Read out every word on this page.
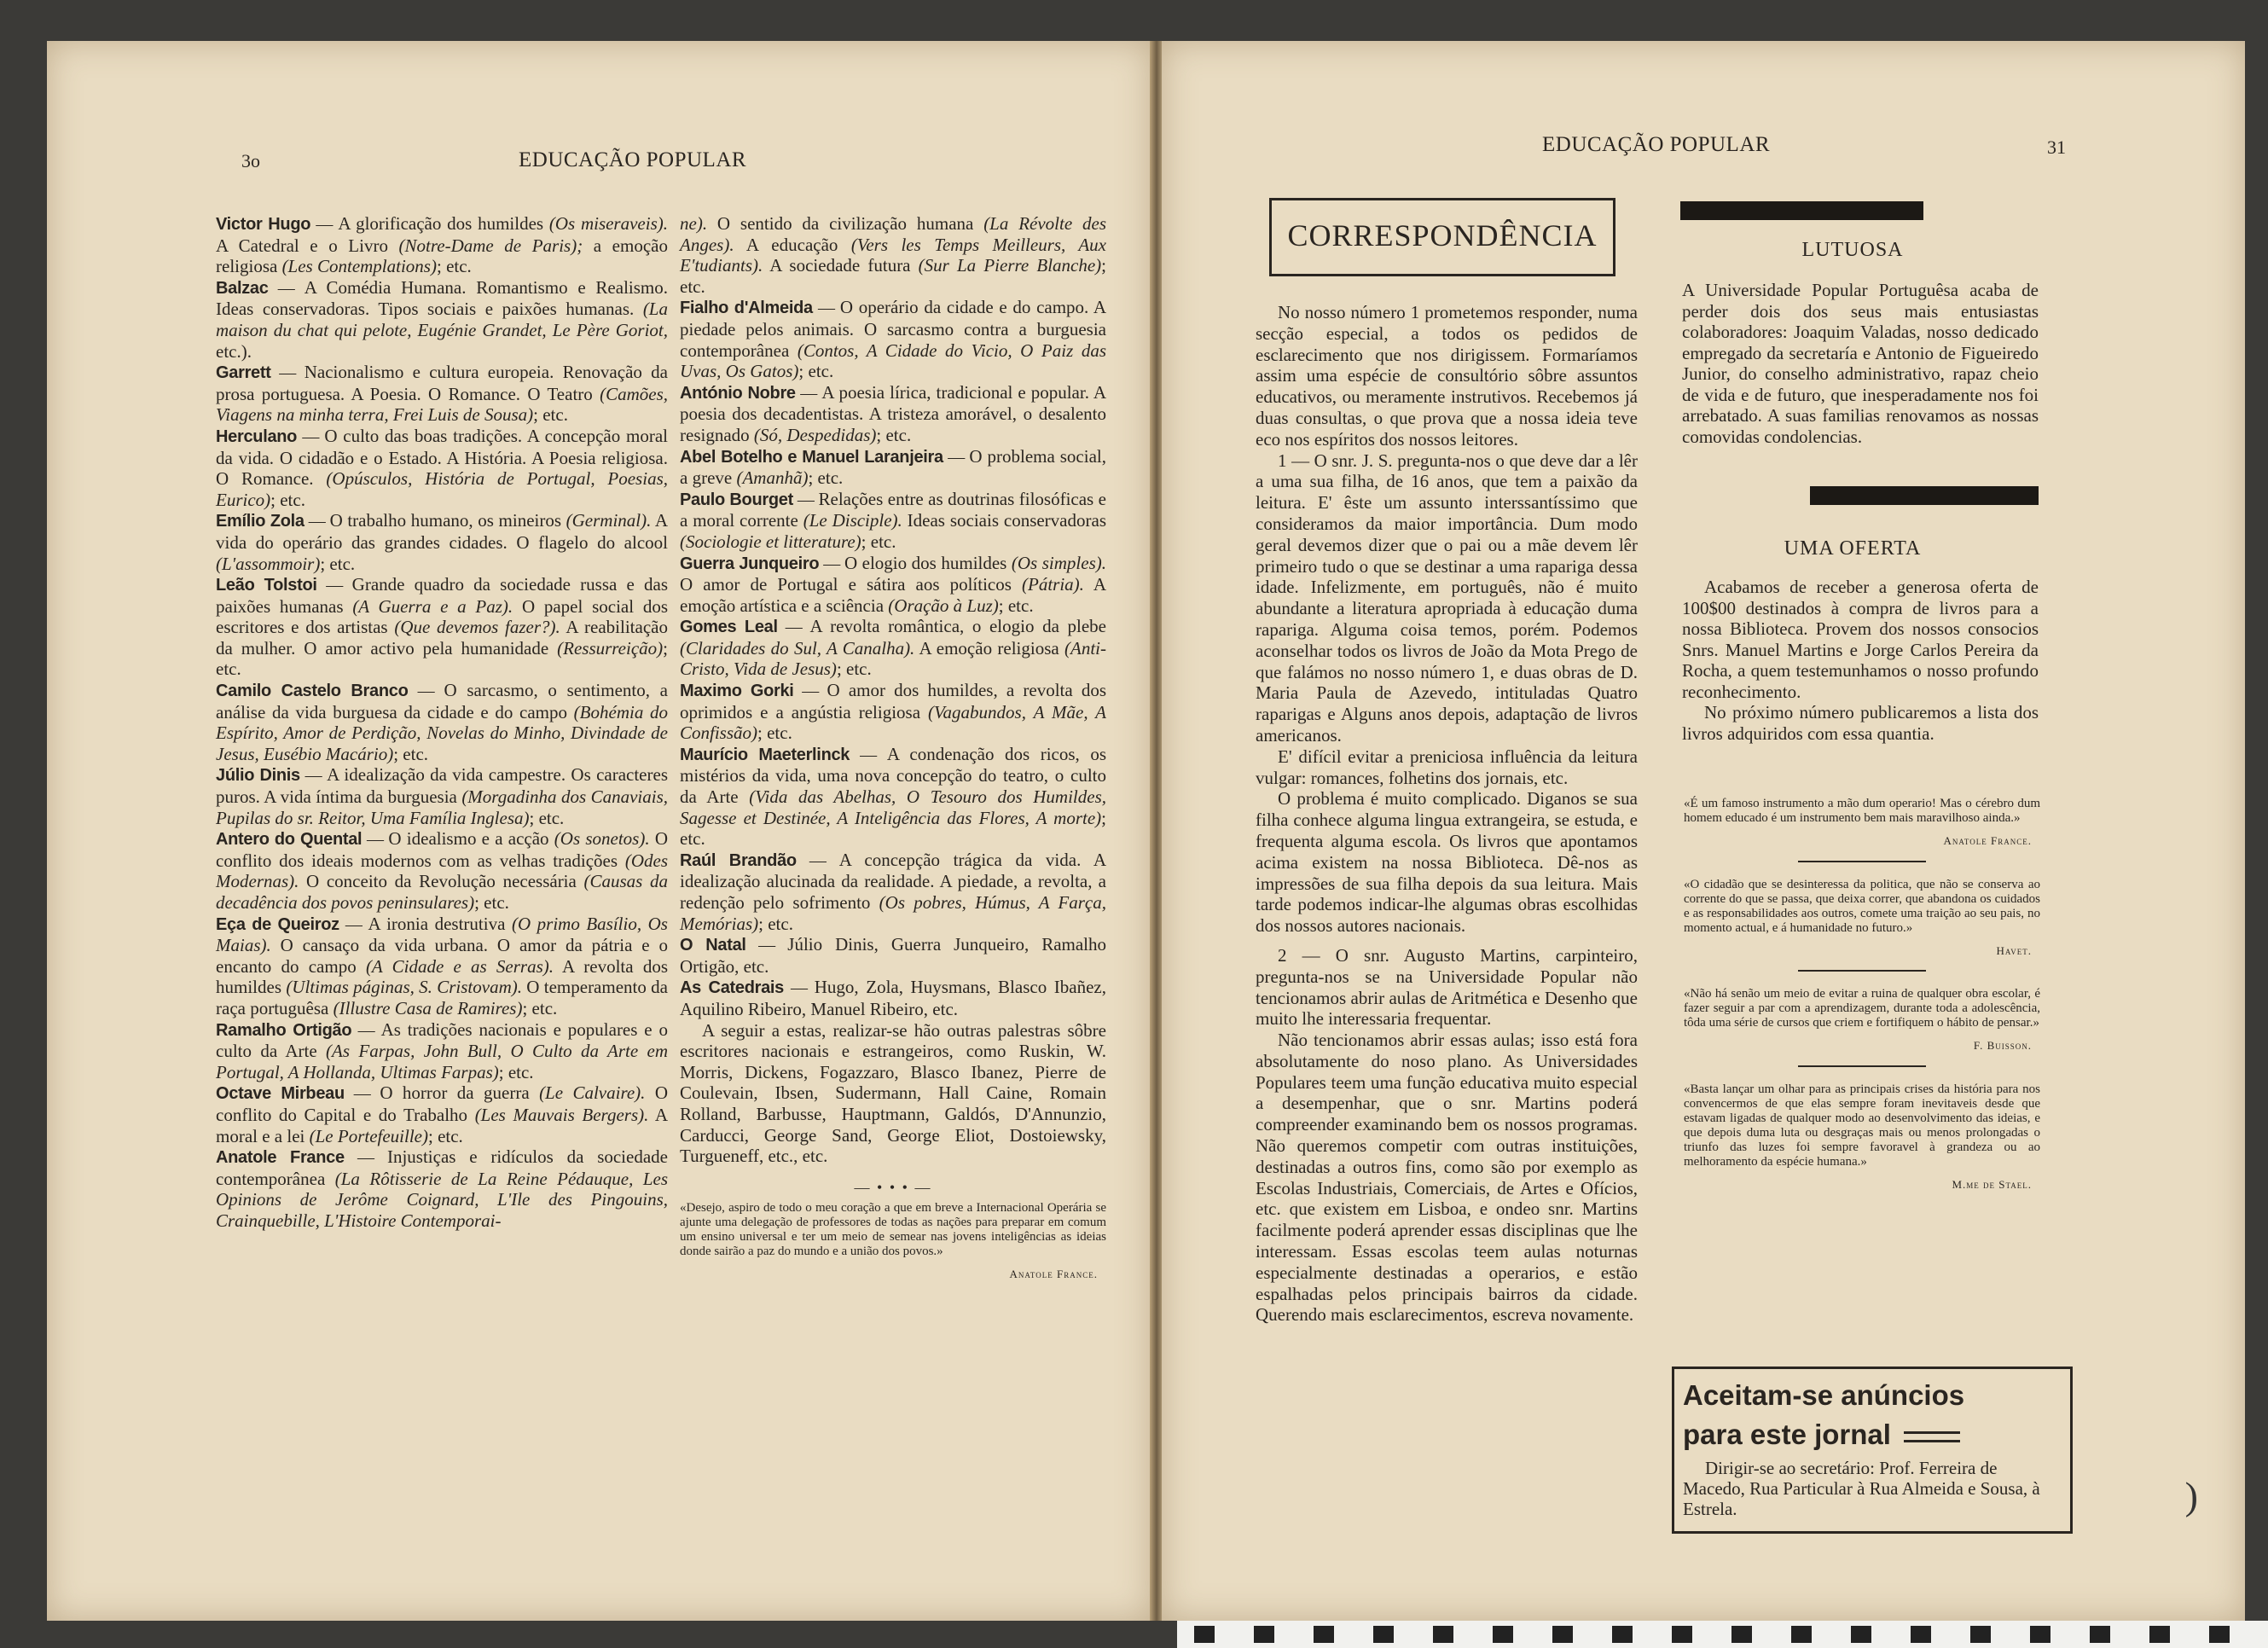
3o	EDUCAÇÃO POPULAR

Victor Hugo — A glorificação dos humildes (Os miseraveis). A Catedral e o Livro (Notre-Dame de Paris); a emoção religiosa (Les Contemplations); etc.

Balzac — A Comédia Humana. Romantismo e Realismo. Ideas conservadoras. Tipos sociais e paixões humanas. (La maison du chat qui pelote, Eugénie Grandet, Le Père Goriot, etc.).

Garrett — Nacionalismo e cultura europeia. Renovação da prosa portuguesa. A Poesia. O Romance. O Teatro (Camões, Viagens na minha terra, Frei Luis de Sousa); etc.

Herculano — O culto das boas tradições. A concepção moral da vida. O cidadão e o Estado. A História. A Poesia religiosa. O Romance. (Opúsculos, História de Portugal, Poesias, Eurico); etc.

Emílio Zola — O trabalho humano, os mineiros (Germinal). A vida do operário das grandes cidades. O flagelo do alcool (L'assommoir); etc.

Leão Tolstoi — Grande quadro da sociedade russa e das paixões humanas (A Guerra e a Paz). O papel social dos escritores e dos artistas (Que devemos fazer?). A reabilitação da mulher. O amor activo pela humanidade (Ressurreição); etc.

Camilo Castelo Branco — O sarcasmo, o sentimento, a análise da vida burguesa da cidade e do campo (Bohémia do Espírito, Amor de Perdição, Novelas do Minho, Divindade de Jesus, Eusébio Macário); etc.

Júlio Dinis — A idealização da vida campestre. Os caracteres puros. A vida íntima da burguesia (Morgadinha dos Canaviais, Pupilas do sr. Reitor, Uma Família Inglesa); etc.

Antero do Quental — O idealismo e a acção (Os sonetos). O conflito dos ideais modernos com as velhas tradições (Odes Modernas). O conceito da Revolução necessária (Causas da decadência dos povos peninsulares); etc.

Eça de Queiroz — A ironia destrutiva (O primo Basílio, Os Maias). O cansaço da vida urbana. O amor da pátria e o encanto do campo (A Cidade e as Serras). A revolta dos humildes (Ultimas páginas, S. Cristovam). O temperamento da raça portuguêsa (Illustre Casa de Ramires); etc.

Ramalho Ortigão — As tradições nacionais e populares e o culto da Arte (As Farpas, John Bull, O Culto da Arte em Portugal, A Hollanda, Ultimas Farpas); etc.

Octave Mirbeau — O horror da guerra (Le Calvaire). O conflito do Capital e do Trabalho (Les Mauvais Bergers). A moral e a lei (Le Portefeuille); etc.

Anatole France — Injustiças e ridículos da sociedade contemporânea (La Rôtisserie de La Reine Pédauque, Les Opinions de Jerôme Coignard, L'Ile des Pingouins, Crainquebille, L'Histoire Contemporai-

ne). O sentido da civilização humana (La Révolte des Anges). A educação (Vers les Temps Meilleurs, Aux E'tudiants). A sociedade futura (Sur La Pierre Blanche); etc.

Fialho d'Almeida — O operário da cidade e do campo. A piedade pelos animais. O sarcasmo contra a burguesia contemporânea (Contos, A Cidade do Vicio, O Paiz das Uvas, Os Gatos); etc.

António Nobre — A poesia lírica, tradicional e popular. A poesia dos decadentistas. A tristeza amorável, o desalento resignado (Só, Despedidas); etc.

Abel Botelho e Manuel Laranjeira — O problema social, a greve (Amanhã); etc.

Paulo Bourget — Relações entre as doutrinas filosóficas e a moral corrente (Le Disciple). Ideas sociais conservadoras (Sociologie et litterature); etc.

Guerra Junqueiro — O elogio dos humildes (Os simples). O amor de Portugal e sátira aos políticos (Pátria). A emoção artística e a sciência (Oração à Luz); etc.

Gomes Leal — A revolta romântica, o elogio da plebe (Claridades do Sul, A Canalha). A emoção religiosa (Anti-Cristo, Vida de Jesus); etc.

Maximo Gorki — O amor dos humildes, a revolta dos oprimidos e a angústia religiosa (Vagabundos, A Mãe, A Confissão); etc.

Maurício Maeterlinck — A condenação dos ricos, os mistérios da vida, uma nova concepção do teatro, o culto da Arte (Vida das Abelhas, O Tesouro dos Humildes, Sagesse et Destinée, A Inteligência das Flores, A morte); etc.

Raúl Brandão — A concepção trágica da vida. A idealização alucinada da realidade. A piedade, a revolta, a redenção pelo sofrimento (Os pobres, Húmus, A Farça, Memórias); etc.

O Natal — Júlio Dinis, Guerra Junqueiro, Ramalho Ortigão, etc.

As Catedrais — Hugo, Zola, Huysmans, Blasco Ibañez, Aquilino Ribeiro, Manuel Ribeiro, etc.

A seguir a estas, realizar-se hão outras palestras sôbre escritores nacionais e estrangeiros, como Ruskin, W. Morris, Dickens, Fogazzaro, Blasco Ibanez, Pierre de Coulevain, Ibsen, Sudermann, Hall Caine, Romain Rolland, Barbusse, Hauptmann, Galdós, D'Annunzio, Carducci, George Sand, George Eliot, Dostoiewsky, Turgueneff, etc., etc.

— • • • —
«Desejo, aspiro de todo o meu coração a que em breve a Internacional Operária se ajunte uma delegação de professores de todas as nações para preparar em comum um ensino universal e ter um meio de semear nas jovens inteligências as ideias donde sairão a paz do mundo e a união dos povos.»
Anatole France.
EDUCAÇÃO POPULAR	31
CORRESPONDÊNCIA

No nosso número 1 prometemos responder, numa secção especial, a todos os pedidos de esclarecimento que nos dirigissem. Formaríamos assim uma espécie de consultório sôbre assuntos educativos, ou meramente instrutivos. Recebemos já duas consultas, o que prova que a nossa ideia teve eco nos espíritos dos nossos leitores.

1 — O snr. J. S. pregunta-nos o que deve dar a lêr a uma sua filha, de 16 anos, que tem a paixão da leitura. E' êste um assunto interssantíssimo que consideramos da maior importância. Dum modo geral devemos dizer que o pai ou a mãe devem lêr primeiro tudo o que se destinar a uma rapariga dessa idade. Infelizmente, em português, não é muito abundante a literatura apropriada à educação duma rapariga. Alguma coisa temos, porém. Podemos aconselhar todos os livros de João da Mota Prego de que falámos no nosso número 1, e duas obras de D. Maria Paula de Azevedo, intituladas Quatro raparigas e Alguns anos depois, adaptação de livros americanos.

E' difícil evitar a preniciosa influência da leitura vulgar: romances, folhetins dos jornais, etc.

O problema é muito complicado. Diganos se sua filha conhece alguma lingua extrangeira, se estuda, e frequenta alguma escola. Os livros que apontamos acima existem na nossa Biblioteca. Dê-nos as impressões de sua filha depois da sua leitura. Mais tarde podemos indicar-lhe algumas obras escolhidas dos nossos autores nacionais.

2 — O snr. Augusto Martins, carpinteiro, pregunta-nos se na Universidade Popular não tencionamos abrir aulas de Aritmética e Desenho que muito lhe interessaria frequentar.

Não tencionamos abrir essas aulas; isso está fora absolutamente do noso plano. As Universidades Populares teem uma função educativa muito especial a desempenhar, que o snr. Martins poderá compreender examinando bem os nossos programas. Não queremos competir com outras instituições, destinadas a outros fins, como são por exemplo as Escolas Industriais, Comerciais, de Artes e Ofícios, etc. que existem em Lisboa, e ondeo snr. Martins facilmente poderá aprender essas disciplinas que lhe interessam. Essas escolas teem aulas noturnas especialmente destinadas a operarios, e estão espalhadas pelos principais bairros da cidade. Querendo mais esclarecimentos, escreva novamente.

LUTUOSA

A Universidade Popular Portuguêsa acaba de perder dois dos seus mais entusiastas colaboradores: Joaquim Valadas, nosso dedicado empregado da secretaría e Antonio de Figueiredo Junior, do conselho administrativo, rapaz cheio de vida e de futuro, que inesperadamente nos foi arrebatado. A suas familias renovamos as nossas comovidas condolencias.

UMA OFERTA

Acabamos de receber a generosa oferta de 100$00 destinados à compra de livros para a nossa Biblioteca. Provem dos nossos consocios Snrs. Manuel Martins e Jorge Carlos Pereira da Rocha, a quem testemunhamos o nosso profundo reconhecimento.

No próximo número publicaremos a lista dos livros adquiridos com essa quantia.

«É um famoso instrumento a mão dum operario! Mas o cérebro dum homem educado é um instrumento bem mais maravilhoso ainda.»
Anatole France.
«O cidadão que se desinteressa da politica, que não se conserva ao corrente do que se passa, que deixa correr, que abandona os cuidados e as responsabilidades aos outros, comete uma traição ao seu pais, no momento actual, e á humanidade no futuro.»
Havet.
«Não há senão um meio de evitar a ruina de qualquer obra escolar, é fazer seguir a par com a aprendizagem, durante toda a adolescência, tôda uma série de cursos que criem e fortifiquem o hábito de pensar.»
F. Buisson.
«Basta lançar um olhar para as principais crises da história para nos convencermos de que elas sempre foram inevitaveis desde que estavam ligadas de qualquer modo ao desenvolvimento das ideias, e que depois duma luta ou desgraças mais ou menos prolongadas o triunfo das luzes foi sempre favoravel à grandeza ou ao melhoramento da espécie humana.»
M.me de Stael.

Aceitam-se anúncios

para este jornal

Dirigir-se ao secretário: Prof. Ferreira de Macedo, Rua Particular à Rua Almeida e Sousa, à Estrela.	)
